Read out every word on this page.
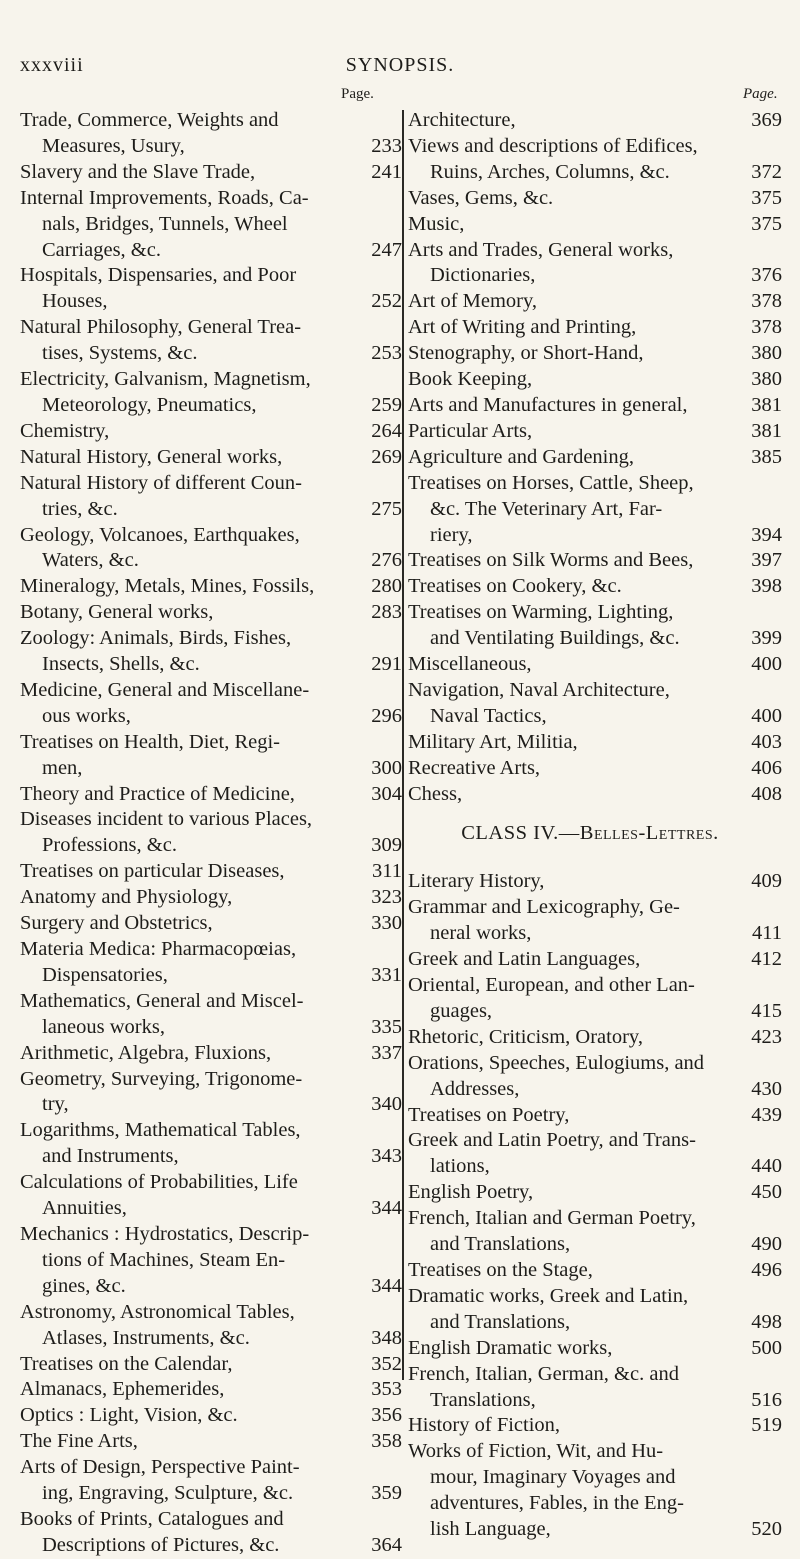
xxxviii	SYNOPSIS.
Page.	Page.
Trade, Commerce, Weights and
Measures, Usury,	233
Slavery and the Slave Trade,	241
Internal Improvements, Roads, Ca-
nals, Bridges, Tunnels, Wheel
Carriages, &c.	247
Hospitals, Dispensaries, and Poor
Houses,	252
Natural Philosophy, General Trea-
tises, Systems, &c.	253
Electricity, Galvanism, Magnetism,
Meteorology, Pneumatics,	259
Chemistry,	264
Natural History, General works,	269
Natural History of different Coun-
tries, &c.	275
Geology, Volcanoes, Earthquakes,
Waters, &c.	276
Mineralogy, Metals, Mines, Fossils,	280
Botany, General works,	283
Zoology: Animals, Birds, Fishes,
Insects, Shells, &c.	291
Medicine, General and Miscellane-
ous works,	296
Treatises on Health, Diet, Regi-
men,	300
Theory and Practice of Medicine,	304
Diseases incident to various Places,
Professions, &c.	309
Treatises on particular Diseases,	311
Anatomy and Physiology,	323
Surgery and Obstetrics,	330
Materia Medica: Pharmacopœias,
Dispensatories,	331
Mathematics, General and Miscel-
laneous works,	335
Arithmetic, Algebra, Fluxions,	337
Geometry, Surveying, Trigonome-
try,	340
Logarithms, Mathematical Tables,
and Instruments,	343
Calculations of Probabilities, Life
Annuities,	344
Mechanics : Hydrostatics, Descrip-
tions of Machines, Steam En-
gines, &c.	344
Astronomy, Astronomical Tables,
Atlases, Instruments, &c.	348
Treatises on the Calendar,	352
Almanacs, Ephemerides,	353
Optics : Light, Vision, &c.	356
The Fine Arts,	358
Arts of Design, Perspective Paint-
ing, Engraving, Sculpture, &c.	359
Books of Prints, Catalogues and
Descriptions of Pictures, &c.	364
Architecture,	369
Views and descriptions of Edifices,
Ruins, Arches, Columns, &c.	372
Vases, Gems, &c.	375
Music,	375
Arts and Trades, General works,
Dictionaries,	376
Art of Memory,	378
Art of Writing and Printing,	378
Stenography, or Short-Hand,	380
Book Keeping,	380
Arts and Manufactures in general,	381
Particular Arts,	381
Agriculture and Gardening,	385
Treatises on Horses, Cattle, Sheep,
&c. The Veterinary Art, Far-
riery,	394
Treatises on Silk Worms and Bees,	397
Treatises on Cookery, &c.	398
Treatises on Warming, Lighting,
and Ventilating Buildings, &c.	399
Miscellaneous,	400
Navigation, Naval Architecture,
Naval Tactics,	400
Military Art, Militia,	403
Recreative Arts,	406
Chess,	408
CLASS IV.—Belles-Lettres.
Literary History,	409
Grammar and Lexicography, Ge-
neral works,	411
Greek and Latin Languages,	412
Oriental, European, and other Lan-
guages,	415
Rhetoric, Criticism, Oratory,	423
Orations, Speeches, Eulogiums, and
Addresses,	430
Treatises on Poetry,	439
Greek and Latin Poetry, and Trans-
lations,	440
English Poetry,	450
French, Italian and German Poetry,
and Translations,	490
Treatises on the Stage,	496
Dramatic works, Greek and Latin,
and Translations,	498
English Dramatic works,	500
French, Italian, German, &c. and
Translations,	516
History of Fiction,	519
Works of Fiction, Wit, and Hu-
mour, Imaginary Voyages and
adventures, Fables, in the Eng-
lish Language,	520
